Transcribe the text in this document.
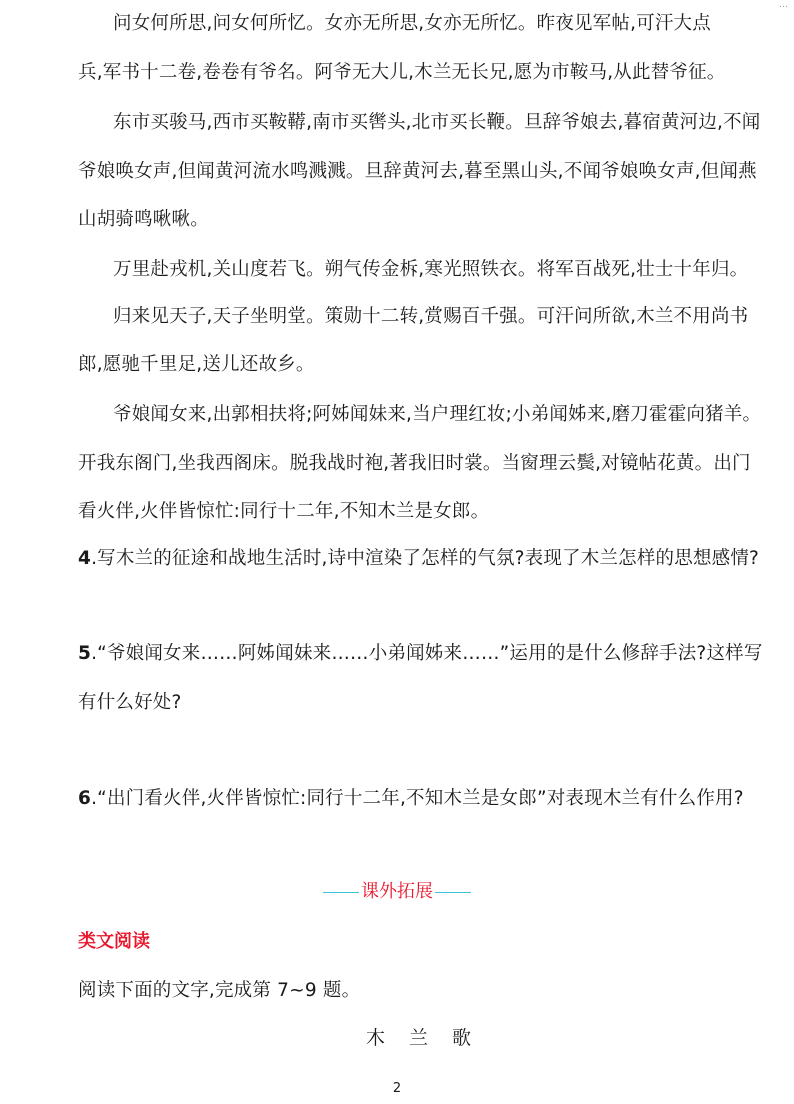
…
问女何所思,问女何所忆。女亦无所思,女亦无所忆。昨夜见军帖,可汗大点
兵,军书十二卷,卷卷有爷名。阿爷无大儿,木兰无长兄,愿为市鞍马,从此替爷征。
东市买骏马,西市买鞍鞯,南市买辔头,北市买长鞭。旦辞爷娘去,暮宿黄河边,不闻
爷娘唤女声,但闻黄河流水鸣溅溅。旦辞黄河去,暮至黑山头,不闻爷娘唤女声,但闻燕
山胡骑鸣啾啾。
万里赴戎机,关山度若飞。朔气传金柝,寒光照铁衣。将军百战死,壮士十年归。
归来见天子,天子坐明堂。策勋十二转,赏赐百千强。可汗问所欲,木兰不用尚书
郎,愿驰千里足,送儿还故乡。
爷娘闻女来,出郭相扶将;阿姊闻妹来,当户理红妆;小弟闻姊来,磨刀霍霍向猪羊。
开我东阁门,坐我西阁床。脱我战时袍,著我旧时裳。当窗理云鬓,对镜帖花黄。出门
看火伴,火伴皆惊忙:同行十二年,不知木兰是女郎。
4.写木兰的征途和战地生活时,诗中渲染了怎样的气氛?表现了木兰怎样的思想感情?
5.“爷娘闻女来……阿姊闻妹来……小弟闻姊来……”运用的是什么修辞手法?这样写
有什么好处?
6.“出门看火伴,火伴皆惊忙:同行十二年,不知木兰是女郎”对表现木兰有什么作用?
课外拓展
类文阅读
阅读下面的文字,完成第 7~9 题。
木兰歌
2
